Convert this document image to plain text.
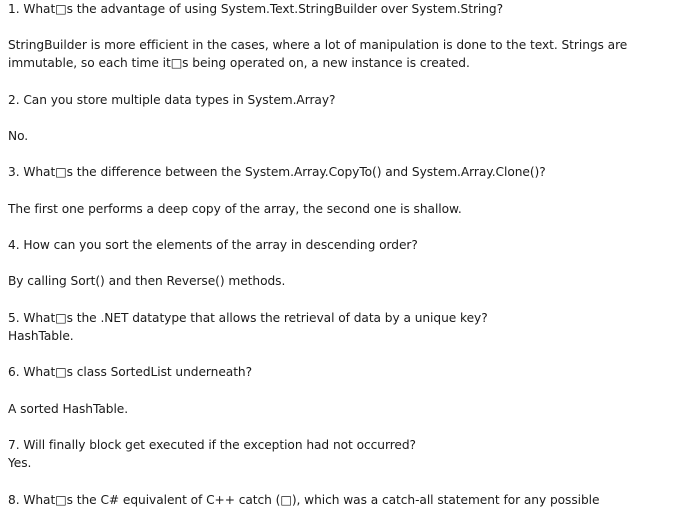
1. What□s the advantage of using System.Text.StringBuilder over System.String?
StringBuilder is more efficient in the cases, where a lot of manipulation is done to the text. Strings are
immutable, so each time it□s being operated on, a new instance is created.
2. Can you store multiple data types in System.Array?
No.
3. What□s the difference between the System.Array.CopyTo() and System.Array.Clone()?
The first one performs a deep copy of the array, the second one is shallow.
4. How can you sort the elements of the array in descending order?
By calling Sort() and then Reverse() methods.
5. What□s the .NET datatype that allows the retrieval of data by a unique key?
HashTable.
6. What□s class SortedList underneath?
A sorted HashTable.
7. Will finally block get executed if the exception had not occurred?
Yes.
8. What□s the C# equivalent of C++ catch (□), which was a catch-all statement for any possible
